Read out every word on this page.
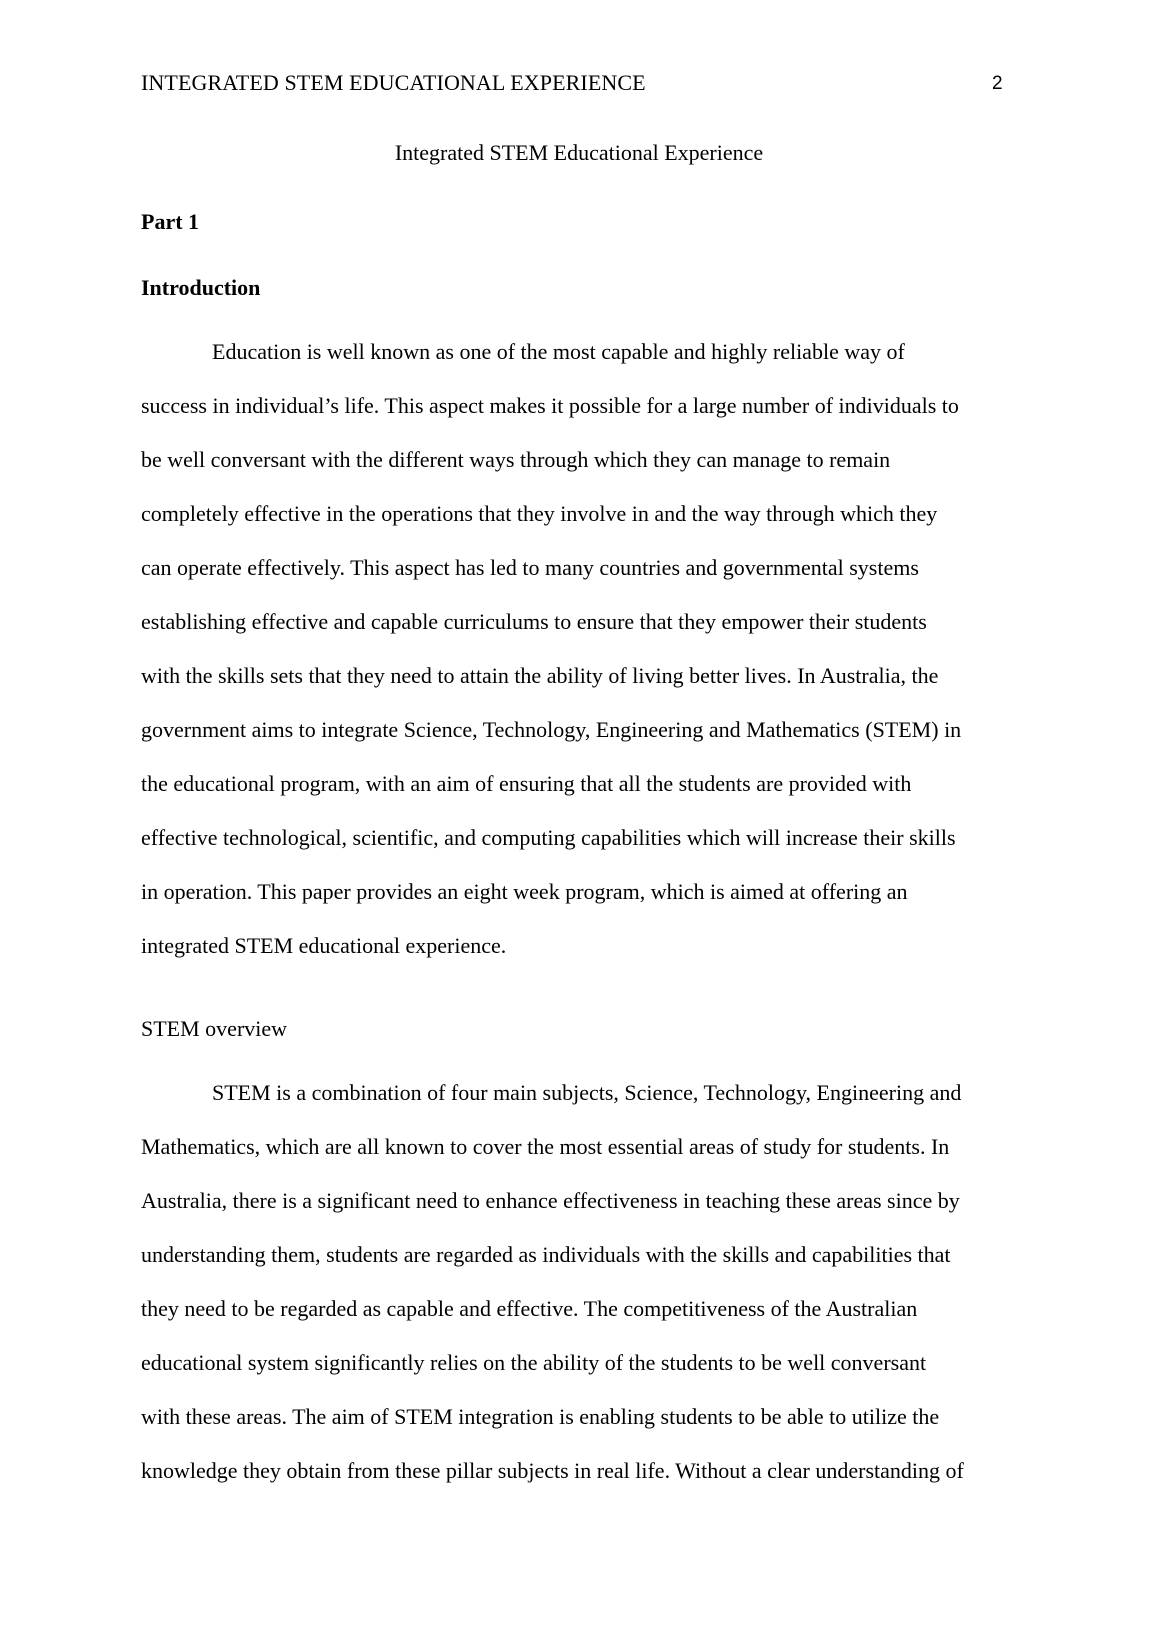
INTEGRATED STEM EDUCATIONAL EXPERIENCE	2
Integrated STEM Educational Experience
Part 1
Introduction
Education is well known as one of the most capable and highly reliable way of
success in individual’s life. This aspect makes it possible for a large number of individuals to
be well conversant with the different ways through which they can manage to remain
completely effective in the operations that they involve in and the way through which they
can operate effectively. This aspect has led to many countries and governmental systems
establishing effective and capable curriculums to ensure that they empower their students
with the skills sets that they need to attain the ability of living better lives. In Australia, the
government aims to integrate Science, Technology, Engineering and Mathematics (STEM) in
the educational program, with an aim of ensuring that all the students are provided with
effective technological, scientific, and computing capabilities which will increase their skills
in operation. This paper provides an eight week program, which is aimed at offering an
integrated STEM educational experience.
STEM overview
STEM is a combination of four main subjects, Science, Technology, Engineering and
Mathematics, which are all known to cover the most essential areas of study for students. In
Australia, there is a significant need to enhance effectiveness in teaching these areas since by
understanding them, students are regarded as individuals with the skills and capabilities that
they need to be regarded as capable and effective. The competitiveness of the Australian
educational system significantly relies on the ability of the students to be well conversant
with these areas. The aim of STEM integration is enabling students to be able to utilize the
knowledge they obtain from these pillar subjects in real life. Without a clear understanding of
